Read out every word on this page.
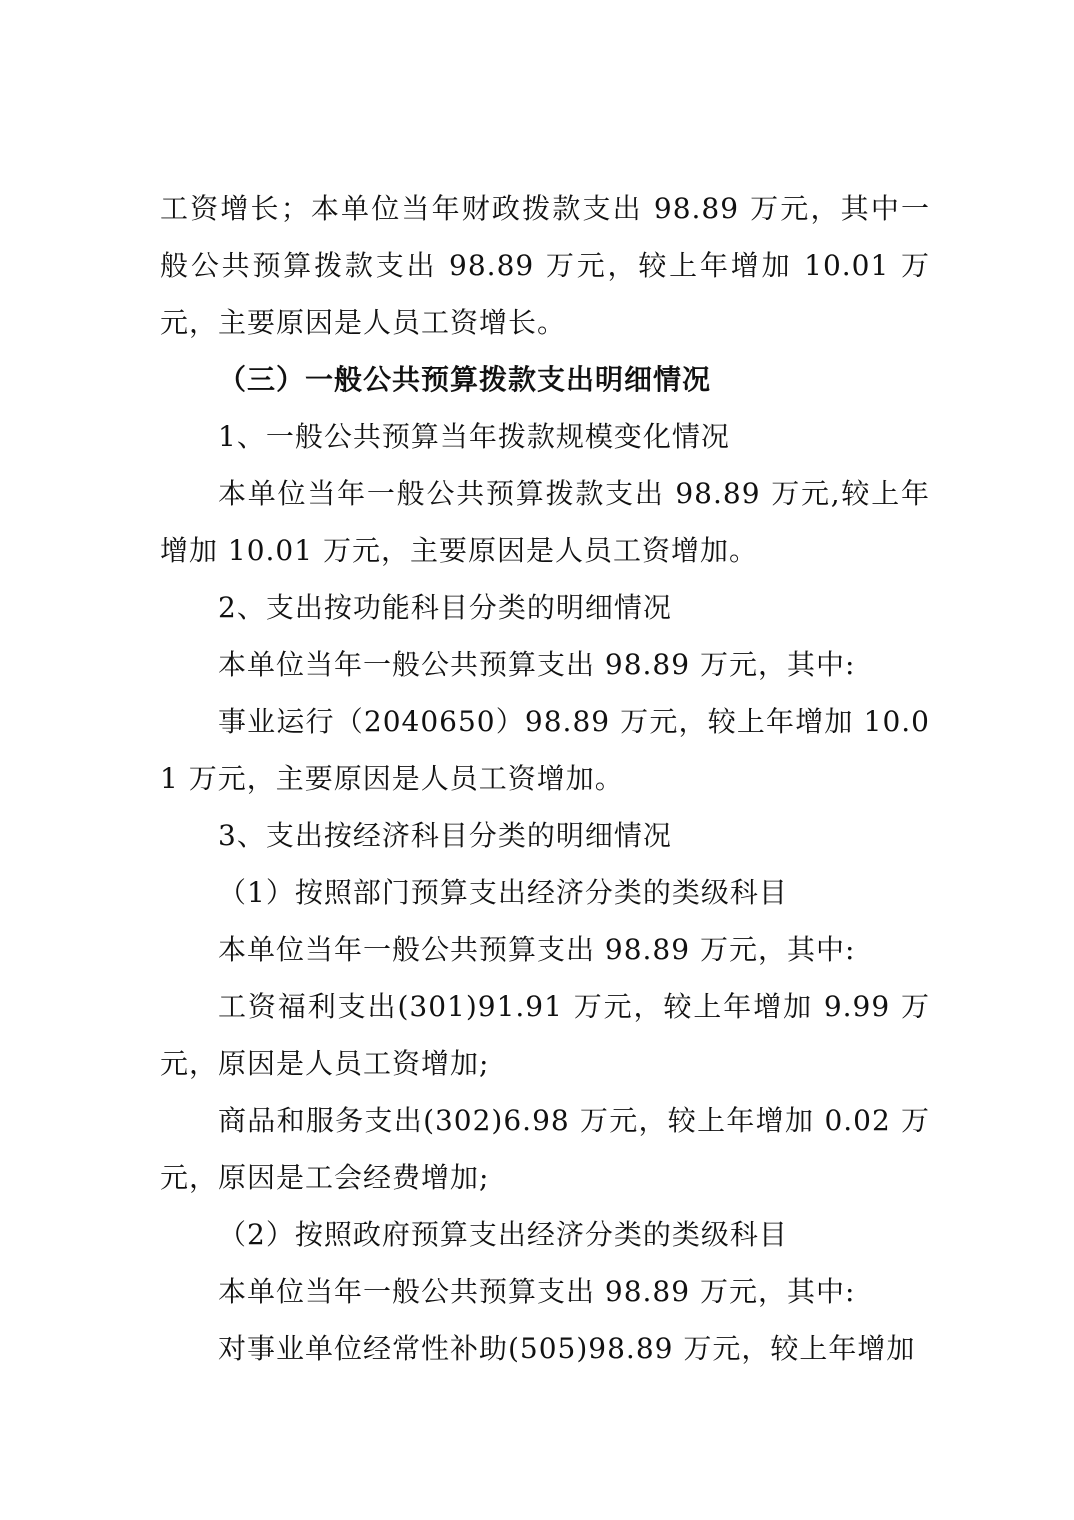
工资增长；本单位当年财政拨款支出 98.89 万元，其中一般公共预算拨款支出 98.89 万元，较上年增加 10.01 万元，主要原因是人员工资增长。

（三）一般公共预算拨款支出明细情况

1、一般公共预算当年拨款规模变化情况

本单位当年一般公共预算拨款支出 98.89 万元,较上年增加 10.01 万元，主要原因是人员工资增加。

2、支出按功能科目分类的明细情况

本单位当年一般公共预算支出 98.89 万元，其中:

事业运行（2040650）98.89 万元，较上年增加 10.01 万元，主要原因是人员工资增加。

3、支出按经济科目分类的明细情况

（1）按照部门预算支出经济分类的类级科目

本单位当年一般公共预算支出 98.89 万元，其中:

工资福利支出(301)91.91 万元，较上年增加 9.99 万元，原因是人员工资增加;

商品和服务支出(302)6.98 万元，较上年增加 0.02 万元，原因是工会经费增加;

（2）按照政府预算支出经济分类的类级科目

本单位当年一般公共预算支出 98.89 万元，其中:

对事业单位经常性补助(505)98.89 万元，较上年增加
